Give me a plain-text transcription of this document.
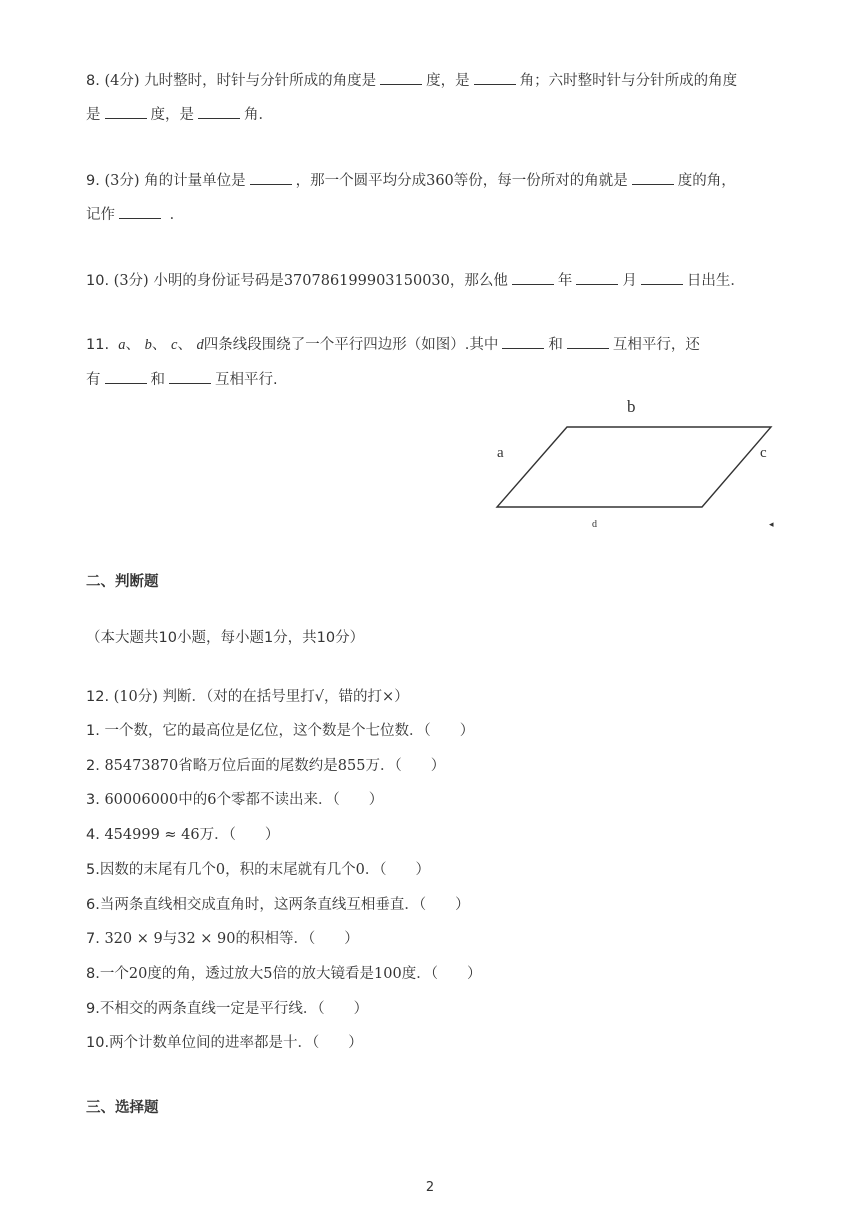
8. (4分) 九时整时，时针与分针所成的角度是	度，是	角；六时整时针与分针所成的角度
是	度，是	角．
9. (3分) 角的计量单位是	，那一个圆平均分成360等份，每一份所对的角就是	度的角，
记作	．
10. (3分) 小明的身份证号码是370786199903150030，那么他	年	月	日出生．
11. a、 b、 c、 d四条线段围绕了一个平行四边形（如图）.其中	和	互相平行，还
有	和	互相平行.
b
a	c
d	◂
二、判断题
（本大题共10小题，每小题1分，共10分）
12. (10分) 判断．（对的在括号里打√，错的打×）
1. 一个数，它的最高位是亿位，这个数是个七位数．（　　）
2. 85473870省略万位后面的尾数约是855万．（　　）
3. 60006000中的6个零都不读出来．（　　）
4. 454999 ≈ 46万．（　　）
5.因数的末尾有几个0，积的末尾就有几个0．（　　）
6.当两条直线相交成直角时，这两条直线互相垂直．（　　）
7. 320 × 9与32 × 90的积相等．（　　）
8.一个20度的角，透过放大5倍的放大镜看是100度．（　　）
9.不相交的两条直线一定是平行线．（　　）
10.两个计数单位间的进率都是十．（　　）
三、选择题
2
